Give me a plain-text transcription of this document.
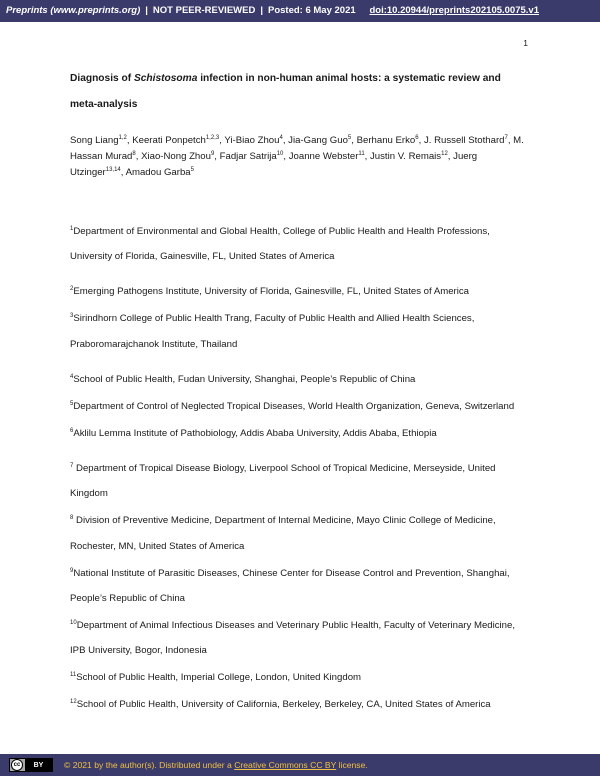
Preprints (www.preprints.org) | NOT PEER-REVIEWED | Posted: 6 May 2021 doi:10.20944/preprints202105.0075.v1
1

Diagnosis of Schistosoma infection in non-human animal hosts: a systematic review and meta-analysis

Song Liang$^{1,2}$, Keerati Ponpetch$^{1,2,3}$, Yi-Biao Zhou$^4$, Jia-Gang Guo$^5$, Berhanu Erko$^6$, J. Russell Stothard$^7$, M. Hassan Murad$^8$, Xiao-Nong Zhou$^9$, Fadjar Satrija$^{10}$, Joanne Webster$^{11}$, Justin V. Remais$^{12}$, Juerg Utzinger$^{13,14}$, Amadou Garba$^5$

$^1$Department of Environmental and Global Health, College of Public Health and Health Professions, University of Florida, Gainesville, FL, United States of America

$^2$Emerging Pathogens Institute, University of Florida, Gainesville, FL, United States of America

$^3$Sirindhorn College of Public Health Trang, Faculty of Public Health and Allied Health Sciences, Praboromarajchanok Institute, Thailand

$^4$School of Public Health, Fudan University, Shanghai, People’s Republic of China

$^5$Department of Control of Neglected Tropical Diseases, World Health Organization, Geneva, Switzerland

$^6$Aklilu Lemma Institute of Pathobiology, Addis Ababa University, Addis Ababa, Ethiopia

$^7$ Department of Tropical Disease Biology, Liverpool School of Tropical Medicine, Merseyside, United Kingdom

$^8$ Division of Preventive Medicine, Department of Internal Medicine, Mayo Clinic College of Medicine, Rochester, MN, United States of America

$^9$National Institute of Parasitic Diseases, Chinese Center for Disease Control and Prevention, Shanghai, People’s Republic of China

$^{10}$Department of Animal Infectious Diseases and Veterinary Public Health, Faculty of Veterinary Medicine, IPB University, Bogor, Indonesia

$^{11}$School of Public Health, Imperial College, London, United Kingdom

$^{12}$School of Public Health, University of California, Berkeley, Berkeley, CA, United States of America

cc	BY	© 2021 by the author(s). Distributed under a Creative Commons CC BY license.
